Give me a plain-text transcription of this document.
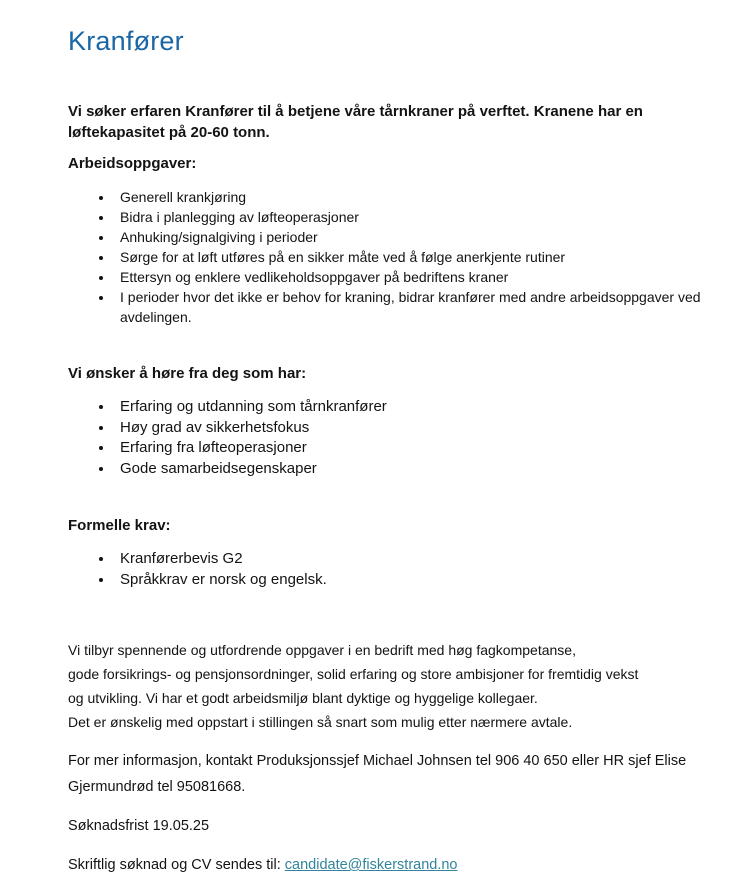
Kranfører

Vi søker erfaren Kranfører til å betjene våre tårnkraner på verftet. Kranene har en løftekapasitet på 20-60 tonn.

Arbeidsoppgaver:
• Generell krankjøring
• Bidra i planlegging av løfteoperasjoner
• Anhuking/signalgiving i perioder
• Sørge for at løft utføres på en sikker måte ved å følge anerkjente rutiner
• Ettersyn og enklere vedlikeholdsoppgaver på bedriftens kraner
• I perioder hvor det ikke er behov for kraning, bidrar kranfører med andre arbeidsoppgaver ved avdelingen.
Vi ønsker å høre fra deg som har:
• Erfaring og utdanning som tårnkranfører
• Høy grad av sikkerhetsfokus
• Erfaring fra løfteoperasjoner
• Gode samarbeidsegenskaper
Formelle krav:
• Kranførerbevis G2
• Språkkrav er norsk og engelsk.

Vi tilbyr spennende og utfordrende oppgaver i en bedrift med høg fagkompetanse,
gode forsikrings- og pensjonsordninger, solid erfaring og store ambisjoner for fremtidig vekst
og utvikling. Vi har et godt arbeidsmiljø blant dyktige og hyggelige kollegaer.
Det er ønskelig med oppstart i stillingen så snart som mulig etter nærmere avtale.

For mer informasjon, kontakt Produksjonssjef Michael Johnsen tel 906 40 650 eller HR sjef Elise Gjermundrød tel 95081668.

Søknadsfrist 19.05.25

Skriftlig søknad og CV sendes til: candidate@fiskerstrand.no
